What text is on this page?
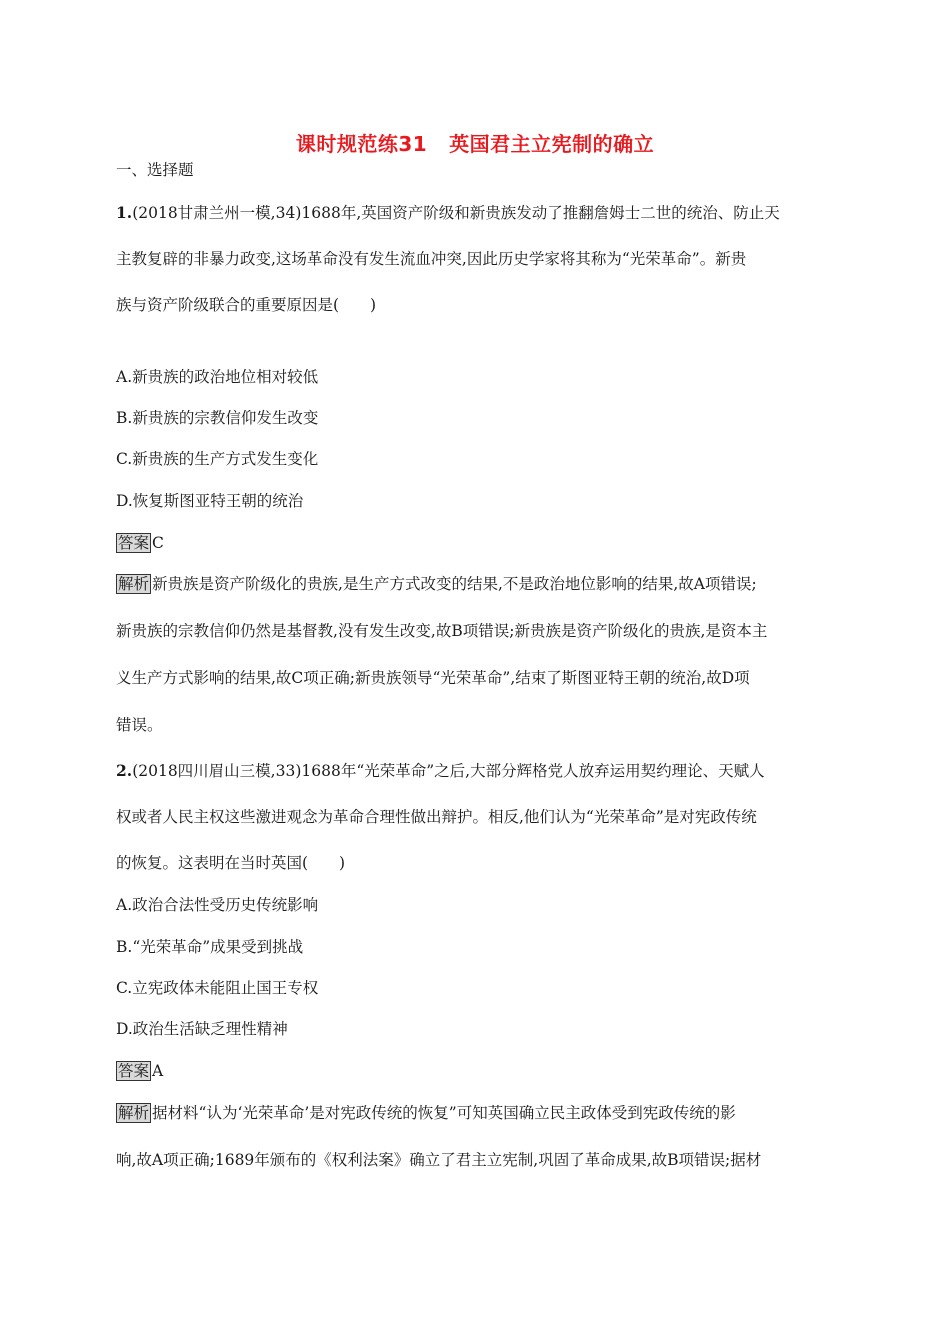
课时规范练31 英国君主立宪制的确立
一、选择题
1.(2018甘肃兰州一模,34)1688年,英国资产阶级和新贵族发动了推翻詹姆士二世的统治、防止天
主教复辟的非暴力政变,这场革命没有发生流血冲突,因此历史学家将其称为“光荣革命”。新贵
族与资产阶级联合的重要原因是(　　)
A.新贵族的政治地位相对较低
B.新贵族的宗教信仰发生改变
C.新贵族的生产方式发生变化
D.恢复斯图亚特王朝的统治
答案 C
解析 新贵族是资产阶级化的贵族,是生产方式改变的结果,不是政治地位影响的结果,故A项错误;
新贵族的宗教信仰仍然是基督教,没有发生改变,故B项错误;新贵族是资产阶级化的贵族,是资本主
义生产方式影响的结果,故C项正确;新贵族领导“光荣革命”,结束了斯图亚特王朝的统治,故D项
错误。
2.(2018四川眉山三模,33)1688年“光荣革命”之后,大部分辉格党人放弃运用契约理论、天赋人
权或者人民主权这些激进观念为革命合理性做出辩护。相反,他们认为“光荣革命”是对宪政传统
的恢复。这表明在当时英国(　　)
A.政治合法性受历史传统影响
B.“光荣革命”成果受到挑战
C.立宪政体未能阻止国王专权
D.政治生活缺乏理性精神
答案 A
解析 据材料“认为‘光荣革命’是对宪政传统的恢复”可知英国确立民主政体受到宪政传统的影
响,故A项正确;1689年颁布的《权利法案》确立了君主立宪制,巩固了革命成果,故B项错误;据材
